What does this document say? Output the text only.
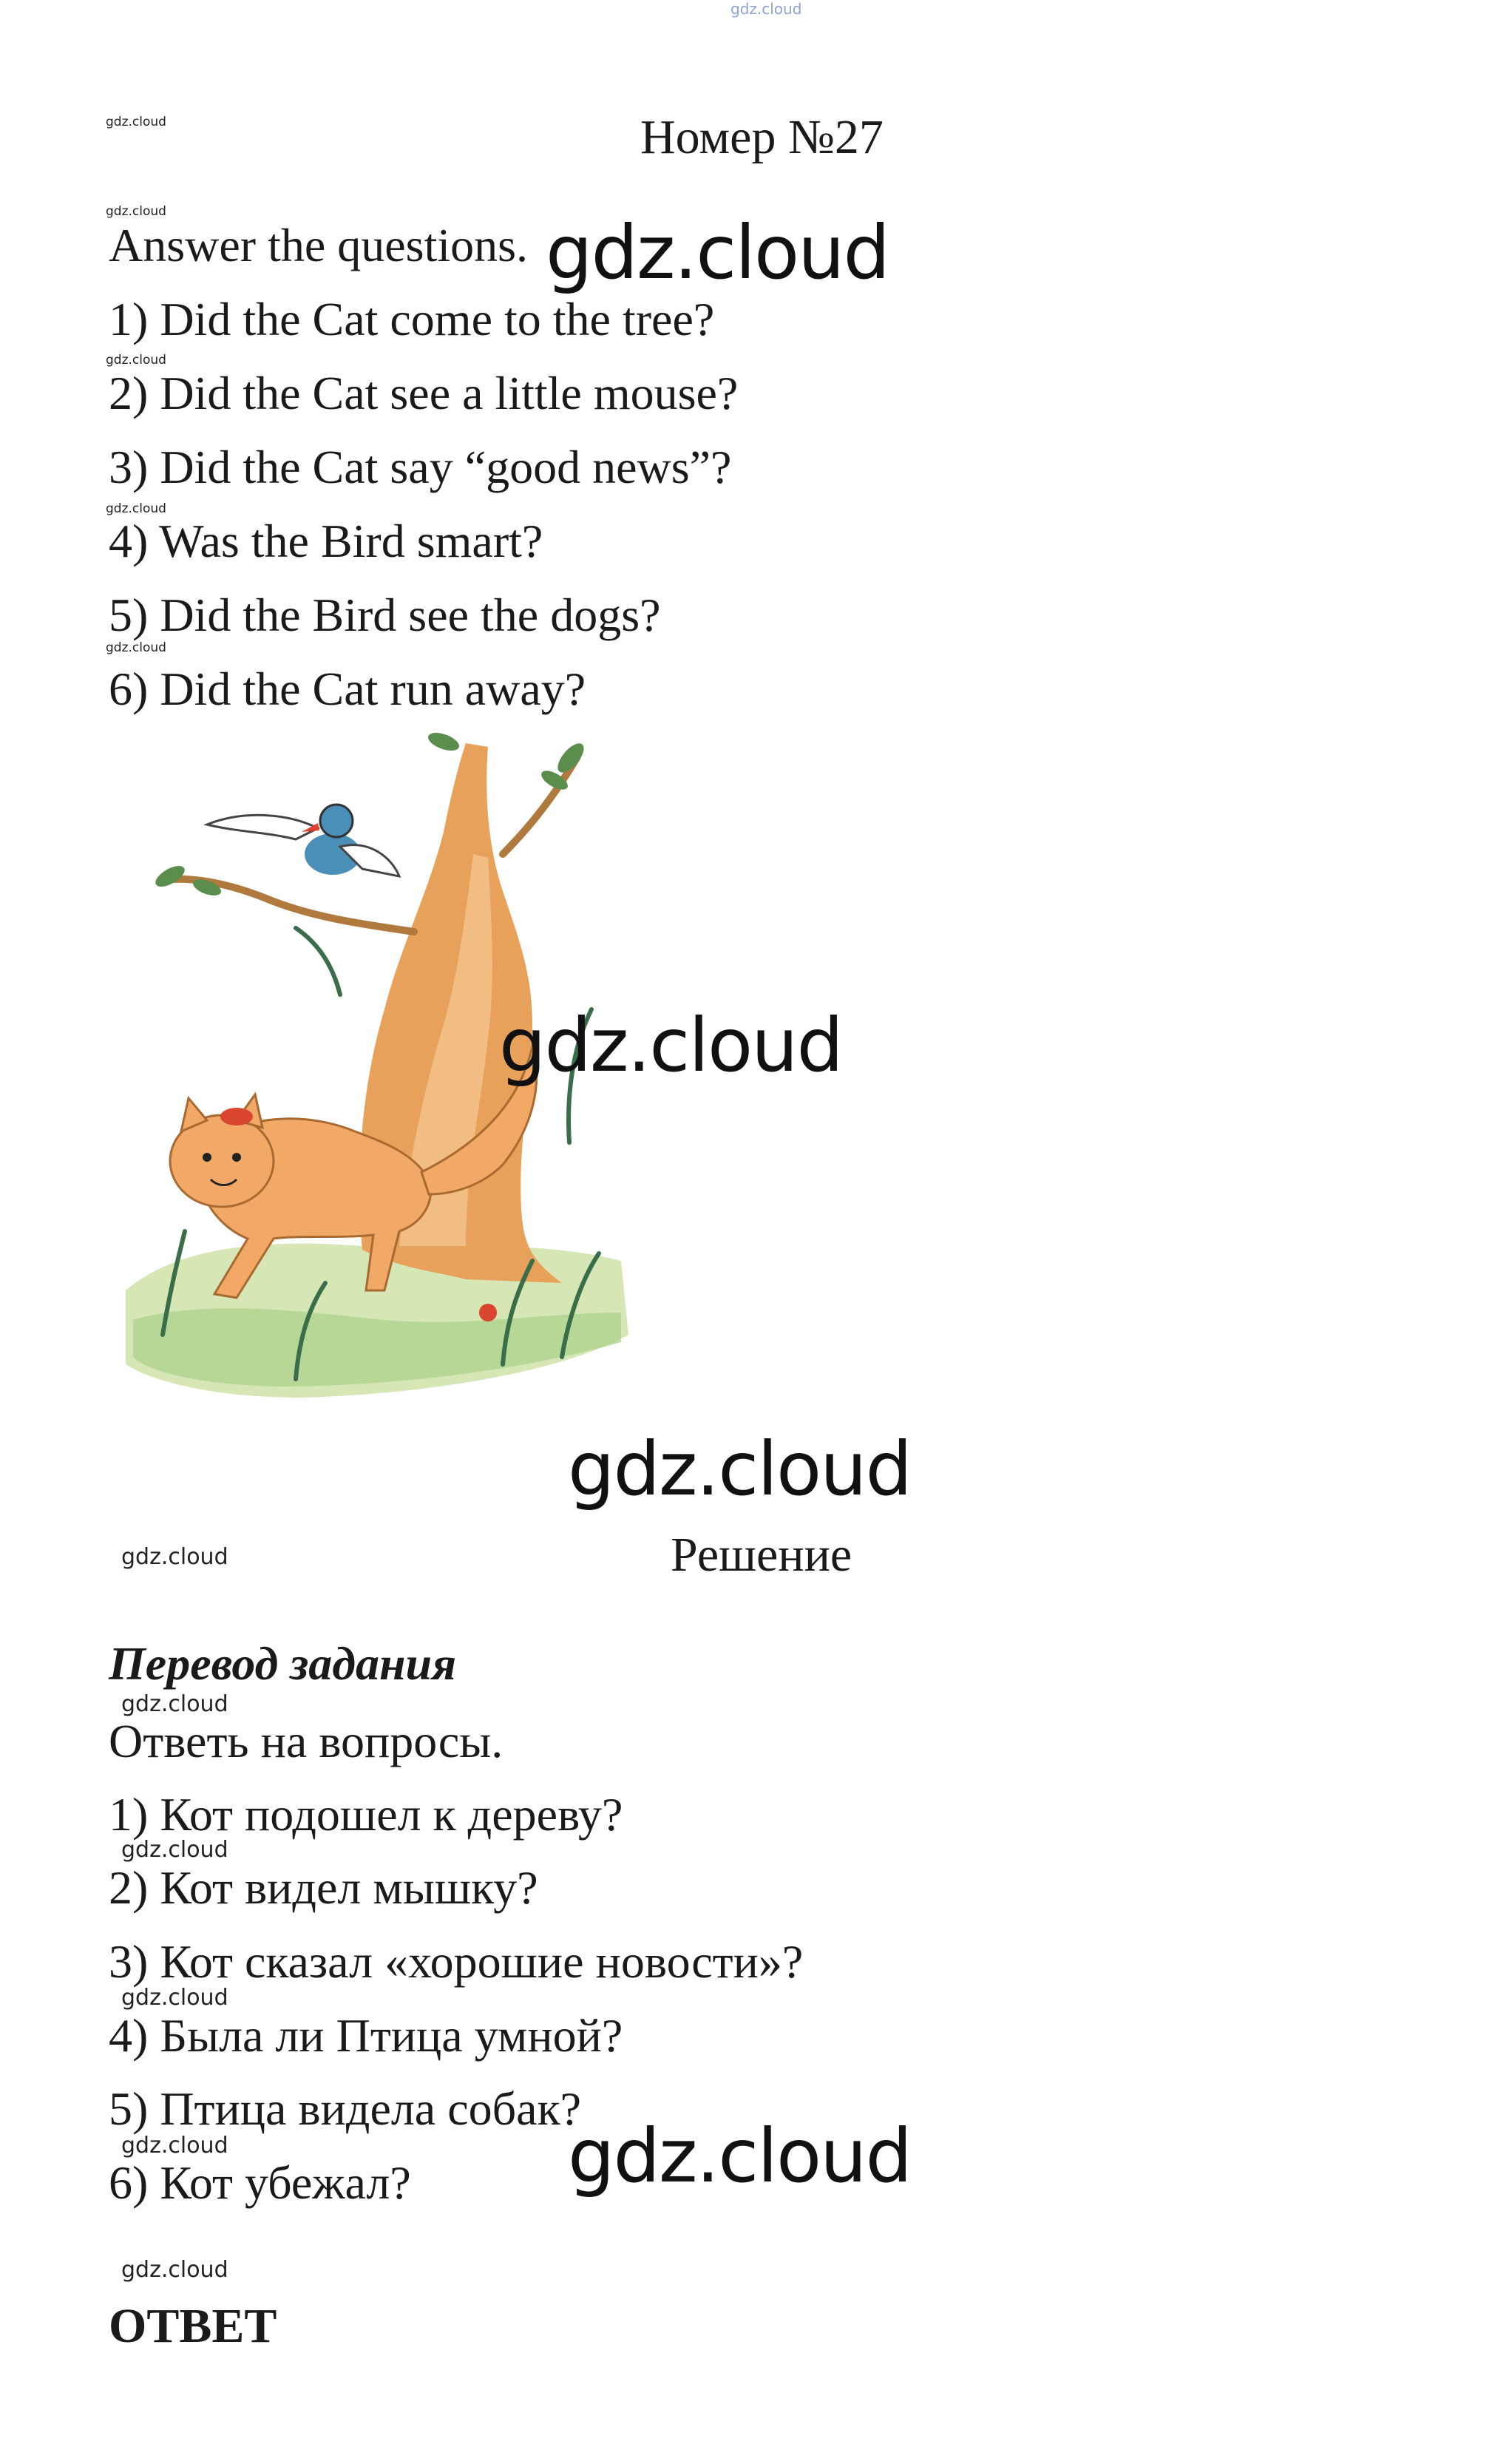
gdz.cloud
gdz.cloud	Номер №27
gdz.cloud
Answer the questions. gdz.cloud
1) Did the Cat come to the tree?
gdz.cloud
2) Did the Cat see a little mouse?
3) Did the Cat say “good news”?
gdz.cloud
4) Was the Bird smart?
5) Did the Bird see the dogs?
gdz.cloud
6) Did the Cat run away?
gdz.cloud
gdz.cloud
gdz.cloud	Решение
Перевод задания
gdz.cloud
Ответь на вопросы.
1) Кот подошел к дереву?
gdz.cloud
2) Кот видел мышку?
3) Кот сказал «хорошие новости»?
gdz.cloud
4) Была ли Птица умной?
5) Птица видела собак?
gdz.cloud
6) Кот убежал? gdz.cloud
gdz.cloud
ОТВЕТ
